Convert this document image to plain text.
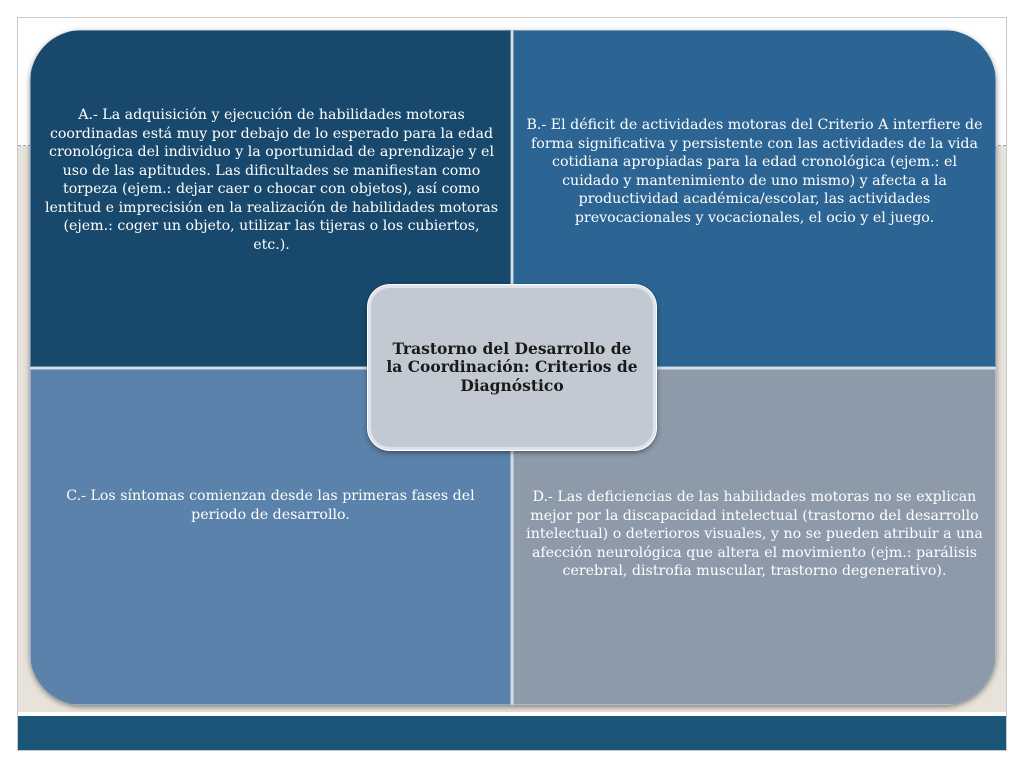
A.- La adquisición y ejecución de habilidades motoras coordinadas está muy por debajo de lo esperado para la edad cronológica del individuo y la oportunidad de aprendizaje y el uso de las aptitudes. Las dificultades se manifiestan como torpeza (ejem.: dejar caer o chocar con objetos), así como lentitud e imprecisión en la realización de habilidades motoras (ejem.: coger un objeto, utilizar las tijeras o los cubiertos, etc.).
B.- El déficit de actividades motoras del Criterio A interfiere de forma significativa y persistente con las actividades de la vida cotidiana apropiadas para la edad cronológica (ejem.: el cuidado y mantenimiento de uno mismo) y afecta a la productividad académica/escolar, las actividades prevocacionales y vocacionales, el ocio y el juego.
C.- Los síntomas comienzan desde las primeras fases del periodo de desarrollo.
D.- Las deficiencias de las habilidades motoras no se explican mejor por la discapacidad intelectual (trastorno del desarrollo intelectual) o deterioros visuales, y no se pueden atribuir a una afección neurológica que altera el movimiento (ejm.: parálisis cerebral, distrofia muscular, trastorno degenerativo).
Trastorno del Desarrollo de la Coordinación: Criterios de Diagnóstico
